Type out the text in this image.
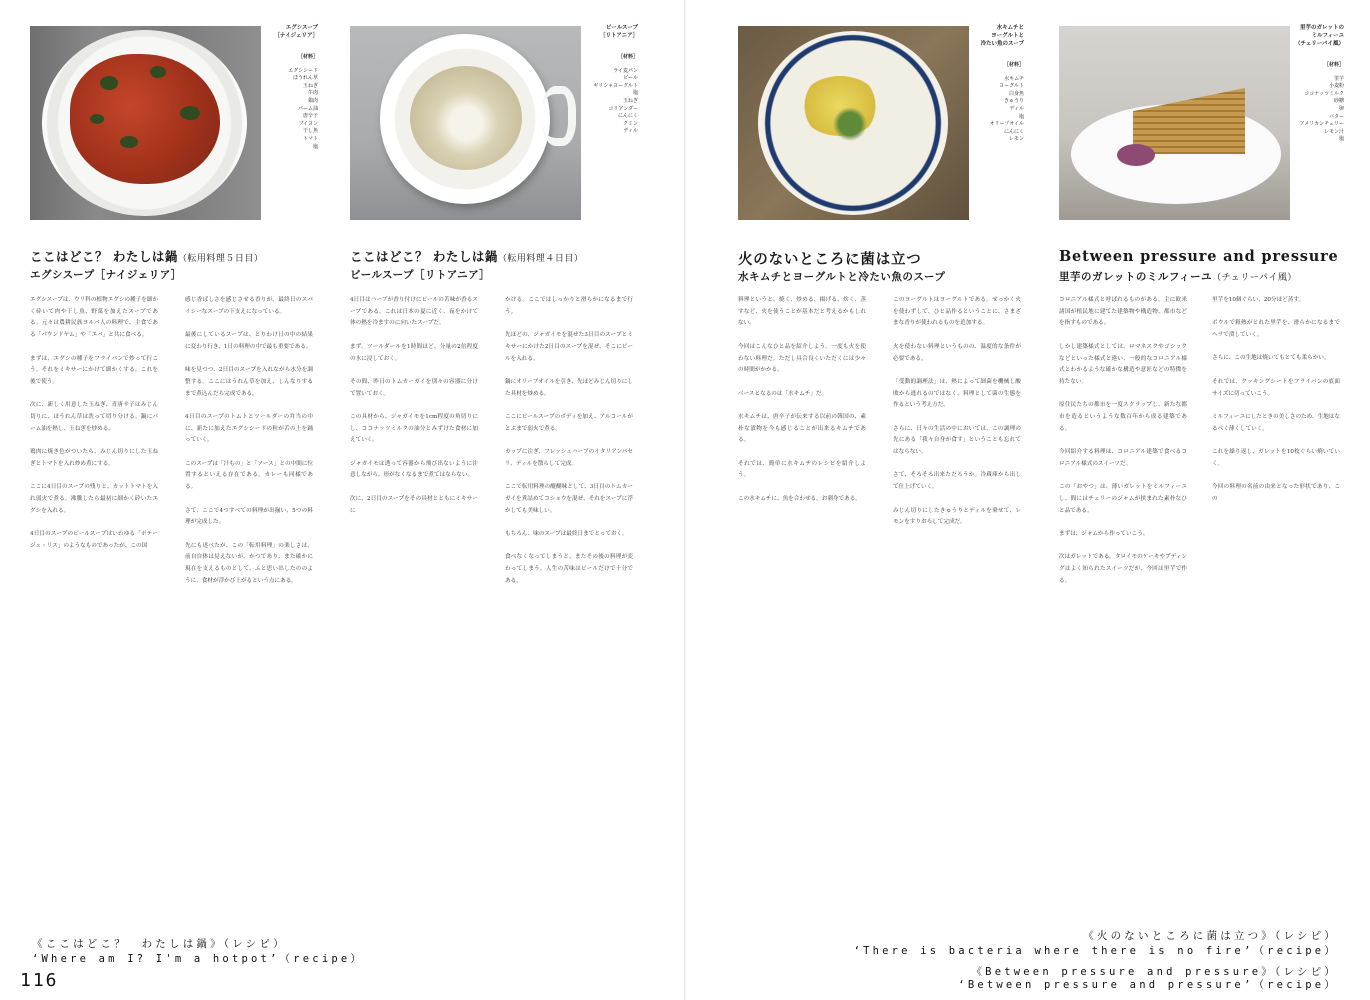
エグシスープ
［ナイジェリア］
［材料］
エグシシード
ほうれん草
玉ねぎ
牛肉
鶏肉
パーム油
唐辛子
ブイヨン
干し魚
トマト
塩
ビールスープ
［リトアニア］
［材料］
ライ麦パン
ビール
ギリシャヨーグルト
塩
玉ねぎ
コリアンダー
にんにく
クミン
ディル
ここはどこ？ わたしは鍋（転用料理５日目）
エグシスープ［ナイジェリア］
ここはどこ？ わたしは鍋（転用料理４日目）
ビールスープ［リトアニア］

エグシスープは、ウリ科の植物エグシの種子を細かく砕いて肉や干し魚、野菜を加えたスープである。元々は農耕民族ヨルバ人の料理で、主食である「パウンドヤム」や「エバ」と共に食べる。

まずは、エグシの種子をフライパンで炒って行こう。それをミキサーにかけて細かくする。これを後で使う。

次に、新しく用意した玉ねぎ、青唐辛子はみじん切りに、ほうれん草は洗って切り分ける。鍋にパーム油を熱し、玉ねぎを炒める。

鶏肉に焼き色がついたら、みじん切りにした玉ねぎとトマトを入れ炒め煮にする。

ここに4日目のスープの残りと、カットトマトを入れ弱火で煮る。沸騰したら最初に細かく砕いたエグシを入れる。

4日目のスープのビールスープはいわゆる「ポテージュ・リス」のようなものであったが、この国

感じ香ばしさを感じさせる香りが、最終日のスパイシーなスープの下支えになっている。

最後にしているスープは、とりわけ日の中の結果に変わり行き、1日の料理の中で最も重要である。

味を見つつ、2日目のスープを入れながら水分を調整する。ここにはうれん草を加え、しんなりするまで煮込んだら完成である。

4日目のスープのトムトとツールダーの弁当の中に、新たに加えたエグシシードの粒が舌の上を踊っていく。

このスープは「汁もの」と「ソース」との中間に位置するといえる存在である。カレーも同様である。

さて、ここで4つすべての料理が出揃い、5つの料理が完成した。

先にも述べたが、この「転用料理」の楽しさは、前自自体は見えないが、かつてあり、また確かに現在を支えるものとして、ふと思い出したののように、食材が浮かび上がるという点にある。

4日目はハーブが香り付けにビールの苦味が香るスープである。これは日本の夏に近く、夜をかけて体の熱を冷ますのに向いたスープだ。

まず、ツールダールを1時間ほど、分量の2倍程度の水に浸しておく。

その間、昨日のトムカーガイを別々の容器に分けて置いておく。

この具材から、ジャガイモを1cm程度の角切りにし、ココナッツミルクの油分とみずけた食材に加えていく。

ジャガイモは透って容器から飛び出ないように注意しながら、形がなくなるまで煮てはならない。

次に、2日目のスープをその具材とともにミキサーに

かける。ここではしっかりと滑らかになるまで行う。

先ほどの、ジャガイモを混ぜた3日目のスープとミキサーにかけた2日目のスープを混ぜ、そこにビールを入れる。

鍋にオリーブオイルを引き、先ほどみじん切りにした具材を炒める。

ここにビールスープのボディを加え、アルコールがとぶまで弱火で煮る。

カップに注ぎ、フレッシュハーブのイタリアンパセリ、ディルを散らして完成。

ここで転用料理の醍醐味として、3日目のトムカーガイを煮詰めてコショウを混ぜ、それをスープに浮かしても美味しい。

もちろん、味のスープは最終日までとっておく。

食べなくなってしまうと、またその後の料理が変わってしまう。人生の苦味はビールだけで十分である。

《ここはどこ？　わたしは鍋》（レシピ）
‘Where am I? I'm a hotpot’（recipe）
116
水キムチと
ヨーグルトと
冷たい魚のスープ
［材料］
水キムチ
ヨーグルト
白身魚
きゅうり
ディル
塩
オリーブオイル
にんにく
レモン
里芋のガレットの
ミルフィーユ
（チェリーパイ風）
［材料］
里芋
小麦粉
ココナッツミルク
砂糖
卵
バター
アメリカンチェリー
レモン汁
塩
火のないところに菌は立つ
水キムチとヨーグルトと冷たい魚のスープ
Between pressure and pressure
里芋のガレットのミルフィーユ（チェリーパイ風）

料理というと、焼く、炒める、揚げる、炊く、蒸すなど、火を使うことが基本だと考えるかもしれない。

今回はこんなひと品を紹介しよう。一度も火を使わない料理だ。ただし具合良くいただくには少々の時間がかかる。

ベースとなるのは「水キムチ」だ。

水キムチは、唐辛子が伝来する以前の韓国の、素朴な漬物を今も感じることが出来るキムチである。

それでは、簡単に水キムチのレシピを紹介しよう。

この水キムチに、魚を合わせる。お刺身である。

このヨーグルトはヨーグルトである。せっかく火を使わずして、ひと品作るということに、さまざまな香りが使われるものを追加する。

火を使わない料理というものの、温度的な条件が必要である。

「受動的調理法」は、熱によって細菌を機械し酸敗から逃れるのではなく、料理として菌の生態を作るという考え方だ。

さらに、日々の生活の中においては、この調理の先にある「我々自身が食す」ということも忘れてはならない。

さて、そろそろ出来ただろうか。冷蔵庫から出して仕上げていく。

みじん切りにしたきゅうりとディルを乗せて、レモンをすりおろして完成だ。

コロニアル様式と呼ばれるものがある。主に欧米諸国が植民地に建てた建築物や構造物、都市などを指すものである。

しかし建築様式としては、ロマネスクやゴシックなどといった様式と違い、一般的なコロニアル様式とわかるような確かな構造や意匠などの特徴を持たない。

原住民たちの都市を一度スクラップし、新たな都市を造るというような数百年から成る建築である。

今回紹介する料理は、コロニアル建築で食べるコロニアル様式のスイーツだ。

この「おやつ」は、薄いガレットをミルフィーユし、間にはチェリーのジャムが挟まれた素朴なひと品である。

まずは、ジャムから作っていこう。

次はガレットである。タロイモのケーキやプディングはよく知られたスイーツだが、今回は里芋で作る。

里芋を10個ぐらい、20分ほど蒸す。

ボウルで粗熱がとれた里芋を、滑らかになるまでヘラで潰していく。

さらに、この生地は焼いてもとても柔らかい。

それでは、クッキングシートをフライパンの底面サイズに切っていこう。

ミルフィーユにしたときの美しさのため、生地はなるべく薄くしていく。

これを繰り返し、ガレットを10枚ぐらい焼いていく。

今回の料理の名前の由来となった形状であり、この

《火のないところに菌は立つ》（レシピ）
‘There is bacteria where there is no fire’（recipe）
《Between pressure and pressure》（レシピ）
‘Between pressure and pressure’（recipe）
